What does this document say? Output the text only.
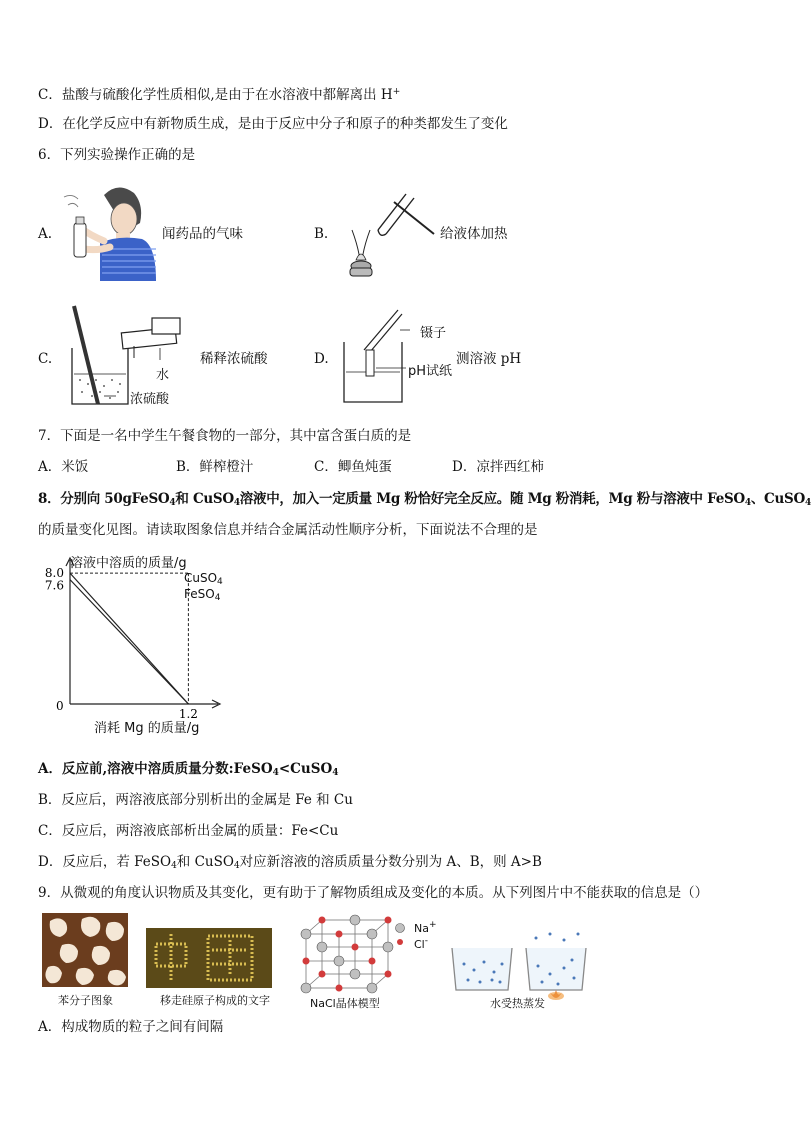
C．盐酸与硫酸化学性质相似,是由于在水溶液中都解离出 H+
D．在化学反应中有新物质生成，是由于反应中分子和原子的种类都发生了变化
6．下列实验操作正确的是
A.	闻药品的气味	B.	给液体加热
C.
水
浓硫酸
稀释浓硫酸	D.
镊子
pH试纸
测溶液 pH
7．下面是一名中学生午餐食物的一部分，其中富含蛋白质的是
A．米饭	B．鲜榨橙汁	C．鲫鱼炖蛋	D．凉拌西红柿
8．分别向 50gFeSO$_4$和 CuSO$_4$溶液中，加入一定质量 Mg 粉恰好完全反应。随 Mg 粉消耗，Mg 粉与溶液中 FeSO$_4$、CuSO$_4$
的质量变化见图。请读取图象信息并结合金属活动性顺序分析，下面说法不合理的是
8.0
7.6
1.2
0
溶液中溶质的质量/g
消耗 Mg 的质量/g
CuSO$_4$
FeSO$_4$
A．反应前,溶液中溶质质量分数:FeSO$_4$<CuSO$_4$
B．反应后，两溶液底部分别析出的金属是 Fe 和 Cu
C．反应后，两溶液底部析出金属的质量：Fe<Cu
D．反应后，若 FeSO$_4$和 CuSO$_4$对应新溶液的溶质质量分数分别为 A、B，则 A>B
9．从微观的角度认识物质及其变化，更有助于了解物质组成及变化的本质。从下列图片中不能获取的信息是（）
苯分子图象	移走硅原子构成的文字
Na+
Cl-
NaCl晶体模型	水受热蒸发
A．构成物质的粒子之间有间隔
